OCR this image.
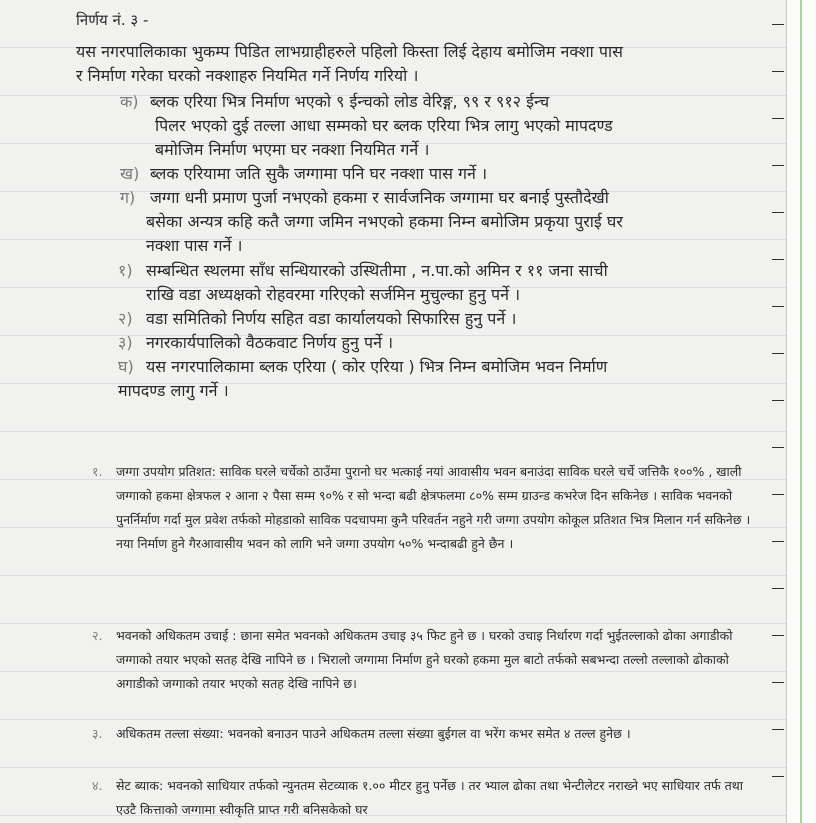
निर्णय नं. ३ -

यस नगरपालिकाका भुकम्प पिडित लाभग्राहीहरुले पहिलो किस्ता लिई देहाय बमोजिम नक्शा पास

र निर्माण गरेका घरको नक्शाहरु नियमित गर्ने निर्णय गरियो ।

क) ब्लक एरिया भित्र निर्माण भएको ९ ईन्चको लोड वेरिङ्ग, ९९ र ९१२ ईन्च

पिलर भएको दुई तल्ला आधा सम्मको घर ब्लक एरिया भित्र लागु भएको मापदण्ड

बमोजिम निर्माण भएमा घर नक्शा नियमित गर्ने ।

ख) ब्लक एरियामा जति सुकै जग्गामा पनि घर नक्शा पास गर्ने ।

ग) जग्गा धनी प्रमाण पुर्जा नभएको हकमा र सार्वजनिक जग्गामा घर बनाई पुस्तौदेखी

बसेका अन्यत्र कहि कतै जग्गा जमिन नभएको हकमा निम्न बमोजिम प्रकृया पुराई घर

नक्शा पास गर्ने ।

१) सम्बन्धित स्थलमा साँध सन्धियारको उस्थितीमा , न.पा.को अमिन र ११ जना साची

राखि वडा अध्यक्षको रोहवरमा गरिएको सर्जमिन मुचुल्का हुनु पर्ने ।

२) वडा समितिको निर्णय सहित वडा कार्यालयको सिफारिस हुनु पर्ने ।

३) नगरकार्यपालिको वैठकवाट निर्णय हुनु पर्ने ।

घ) यस नगरपालिकामा ब्लक एरिया ( कोर एरिया ) भित्र निम्न बमोजिम भवन निर्माण

मापदण्ड लागु गर्ने ।

१. जग्गा उपयोग प्रतिशत: साविक घरले चर्चेको ठाउँमा पुरानो घर भत्काई नयां आवासीय भवन बनाउंदा साविक घरले चर्चे जत्तिकै १००% , खाली जग्गाको हकमा क्षेत्रफल २ आना २ पैसा सम्म ९०% र सो भन्दा बढी क्षेत्रफलमा ८०% सम्म ग्राउन्ड कभरेज दिन सकिनेछ । साविक भवनको पुनर्निर्माण गर्दा मुल प्रवेश तर्फको मोहडाको साविक पदचापमा कुनै परिवर्तन नहुने गरी जग्गा उपयोग कोकूल प्रतिशत भित्र मिलान गर्न सकिनेछ । नया निर्माण हुने गैरआवासीय भवन को लागि भने जग्गा उपयोग ५०% भन्दाबढी हुने छैन ।

२. भवनको अधिकतम उचाई : छाना समेत भवनको अधिकतम उचाइ ३५ फिट हुने छ । घरको उचाइ निर्धारण गर्दा भुईतल्लाको ढोका अगाडीको जग्गाको तयार भएको सतह देखि नापिने छ । भिरालो जग्गामा निर्माण हुने घरको हकमा मुल बाटो तर्फको सबभन्दा तल्लो तल्लाको ढोकाको अगाडीको जग्गाको तयार भएको सतह देखि नापिने छ।

३. अधिकतम तल्ला संख्या: भवनको बनाउन पाउने अधिकतम तल्ला संख्या बुईगल वा भरेंग कभर समेत ४ तल्ल हुनेछ ।

४. सेट ब्याक: भवनको साधियार तर्फको न्युनतम सेटव्याक १.०० मीटर हुनु पर्नेछ । तर भ्याल ढोका तथा भेन्टीलेटर नराख्ने भए साधियार तर्फ तथा एउटै कित्ताको जग्गामा स्वीकृति प्राप्त गरी बनिसकेको घर
